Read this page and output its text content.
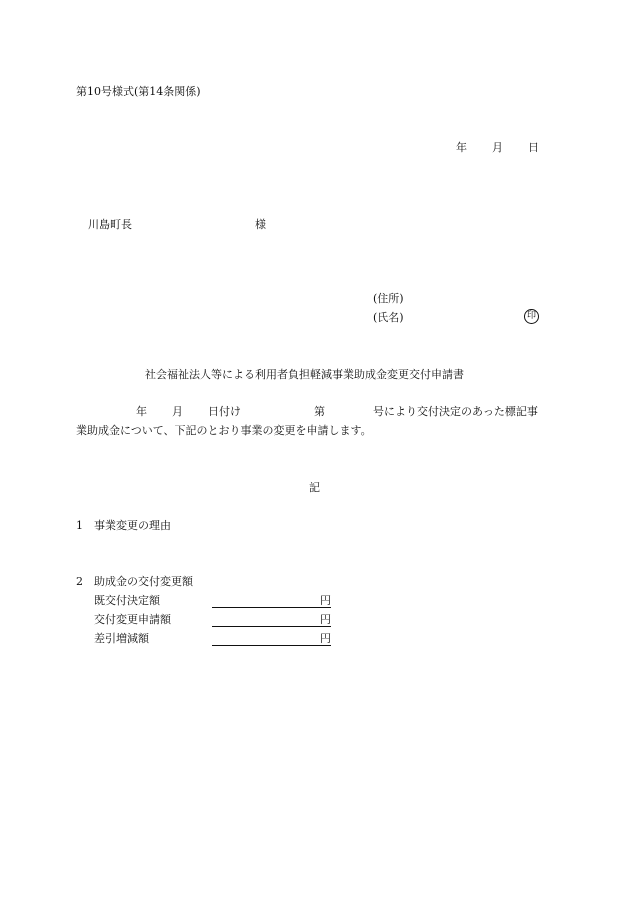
第10号様式(第14条関係)
年 月 日
川島町長	様
(住所)
(氏名)	印
社会福祉法人等による利用者負担軽減事業助成金変更交付申請書
年 月 日付け	第	号により交付決定のあった標記事
業助成金について、下記のとおり事業の変更を申請します。
記
1 事業変更の理由
2 助成金の交付変更額
既交付決定額	円
交付変更申請額	円
差引増減額	円
